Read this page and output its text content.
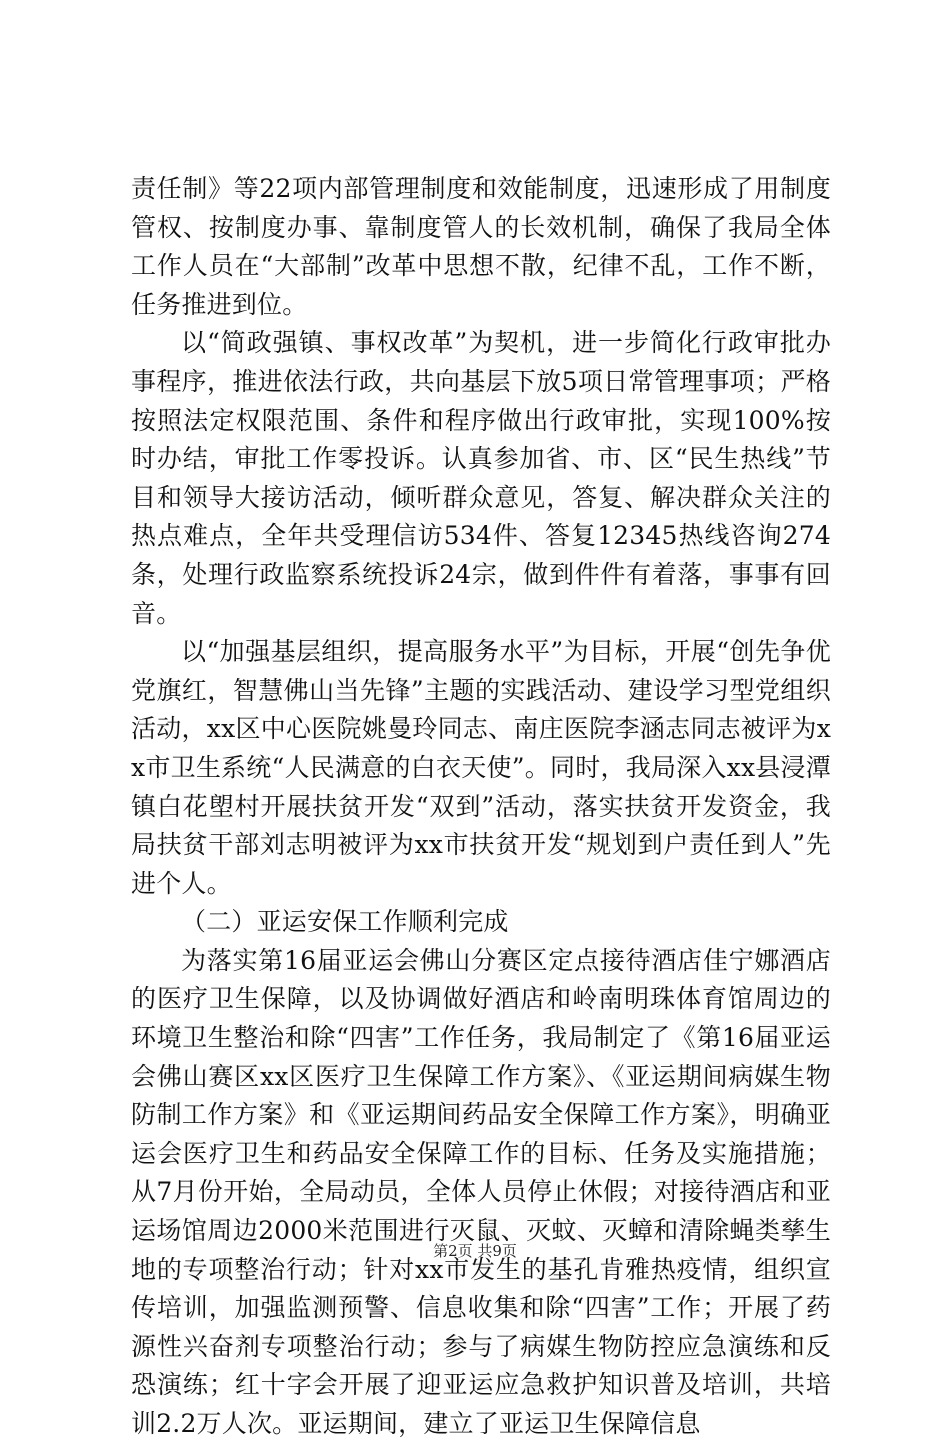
责任制》等22项内部管理制度和效能制度，迅速形成了用制度管权、按制度办事、靠制度管人的长效机制，确保了我局全体工作人员在“大部制”改革中思想不散，纪律不乱，工作不断，任务推进到位。

以“简政强镇、事权改革”为契机，进一步简化行政审批办事程序，推进依法行政，共向基层下放5项日常管理事项；严格按照法定权限范围、条件和程序做出行政审批，实现100%按时办结，审批工作零投诉。认真参加省、市、区“民生热线”节目和领导大接访活动，倾听群众意见，答复、解决群众关注的热点难点，全年共受理信访534件、答复12345热线咨询274条，处理行政监察系统投诉24宗，做到件件有着落，事事有回音。

以“加强基层组织，提高服务水平”为目标，开展“创先争优党旗红，智慧佛山当先锋”主题的实践活动、建设学习型党组织活动，xx区中心医院姚曼玲同志、南庄医院李涵志同志被评为xx市卫生系统“人民满意的白衣天使”。同时，我局深入xx县浸潭镇白花塱村开展扶贫开发“双到”活动，落实扶贫开发资金，我局扶贫干部刘志明被评为xx市扶贫开发“规划到户责任到人”先进个人。

（二）亚运安保工作顺利完成

为落实第16届亚运会佛山分赛区定点接待酒店佳宁娜酒店的医疗卫生保障，以及协调做好酒店和岭南明珠体育馆周边的环境卫生整治和除“四害”工作任务，我局制定了《第16届亚运会佛山赛区xx区医疗卫生保障工作方案》、《亚运期间病媒生物防制工作方案》和《亚运期间药品安全保障工作方案》，明确亚运会医疗卫生和药品安全保障工作的目标、任务及实施措施；从7月份开始，全局动员，全体人员停止休假；对接待酒店和亚运场馆周边2000米范围进行灭鼠、灭蚊、灭蟑和清除蝇类孳生地的专项整治行动；针对xx市发生的基孔肯雅热疫情，组织宣传培训，加强监测预警、信息收集和除“四害”工作；开展了药源性兴奋剂专项整治行动；参与了病媒生物防控应急演练和反恐演练；红十字会开展了迎亚运应急救护知识普及培训，共培训2.2万人次。亚运期间，建立了亚运卫生保障信息

第2页 共9页
